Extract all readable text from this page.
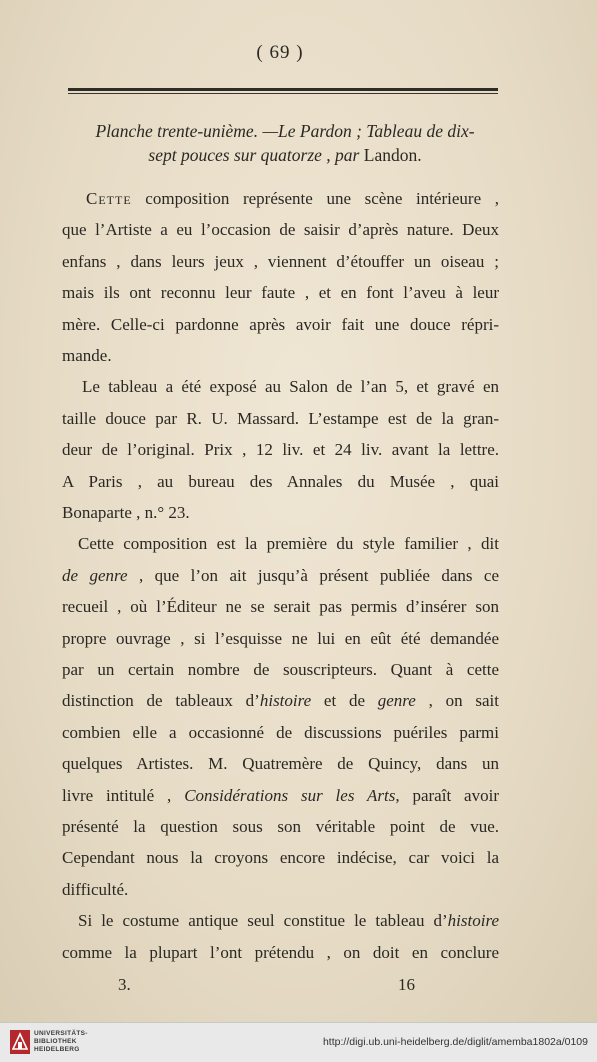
( 69 )
Planche trente-unième. —Le Pardon ; Tableau de dix-
sept pouces sur quatorze , par Landon.
Cette composition représente une scène intérieure ,
que l’Artiste a eu l’occasion de saisir d’après nature. Deux
enfans , dans leurs jeux , viennent d’étouffer un oiseau ;
mais ils ont reconnu leur faute , et en font l’aveu à leur
mère. Celle-ci pardonne après avoir fait une douce répri-
mande.
Le tableau a été exposé au Salon de l’an 5, et gravé en
taille douce par R. U. Massard. L’estampe est de la gran-
deur de l’original. Prix , 12 liv. et 24 liv. avant la lettre.
A Paris , au bureau des Annales du Musée , quai
Bonaparte , n.° 23.
Cette composition est la première du style familier , dit
de genre , que l’on ait jusqu’à présent publiée dans ce
recueil , où l’Éditeur ne se serait pas permis d’insérer son
propre ouvrage , si l’esquisse ne lui en eût été demandée
par un certain nombre de souscripteurs. Quant à cette
distinction de tableaux d’histoire et de genre , on sait
combien elle a occasionné de discussions puériles parmi
quelques Artistes. M. Quatremère de Quincy, dans un
livre intitulé , Considérations sur les Arts, paraît avoir
présenté la question sous son véritable point de vue.
Cependant nous la croyons encore indécise, car voici la
difficulté.
Si le costume antique seul constitue le tableau d’histoire
comme la plupart l’ont prétendu , on doit en conclure
3.	16
UNIVERSITÄTS-
BIBLIOTHEK
HEIDELBERG
http://digi.ub.uni-heidelberg.de/diglit/amemba1802a/0109
